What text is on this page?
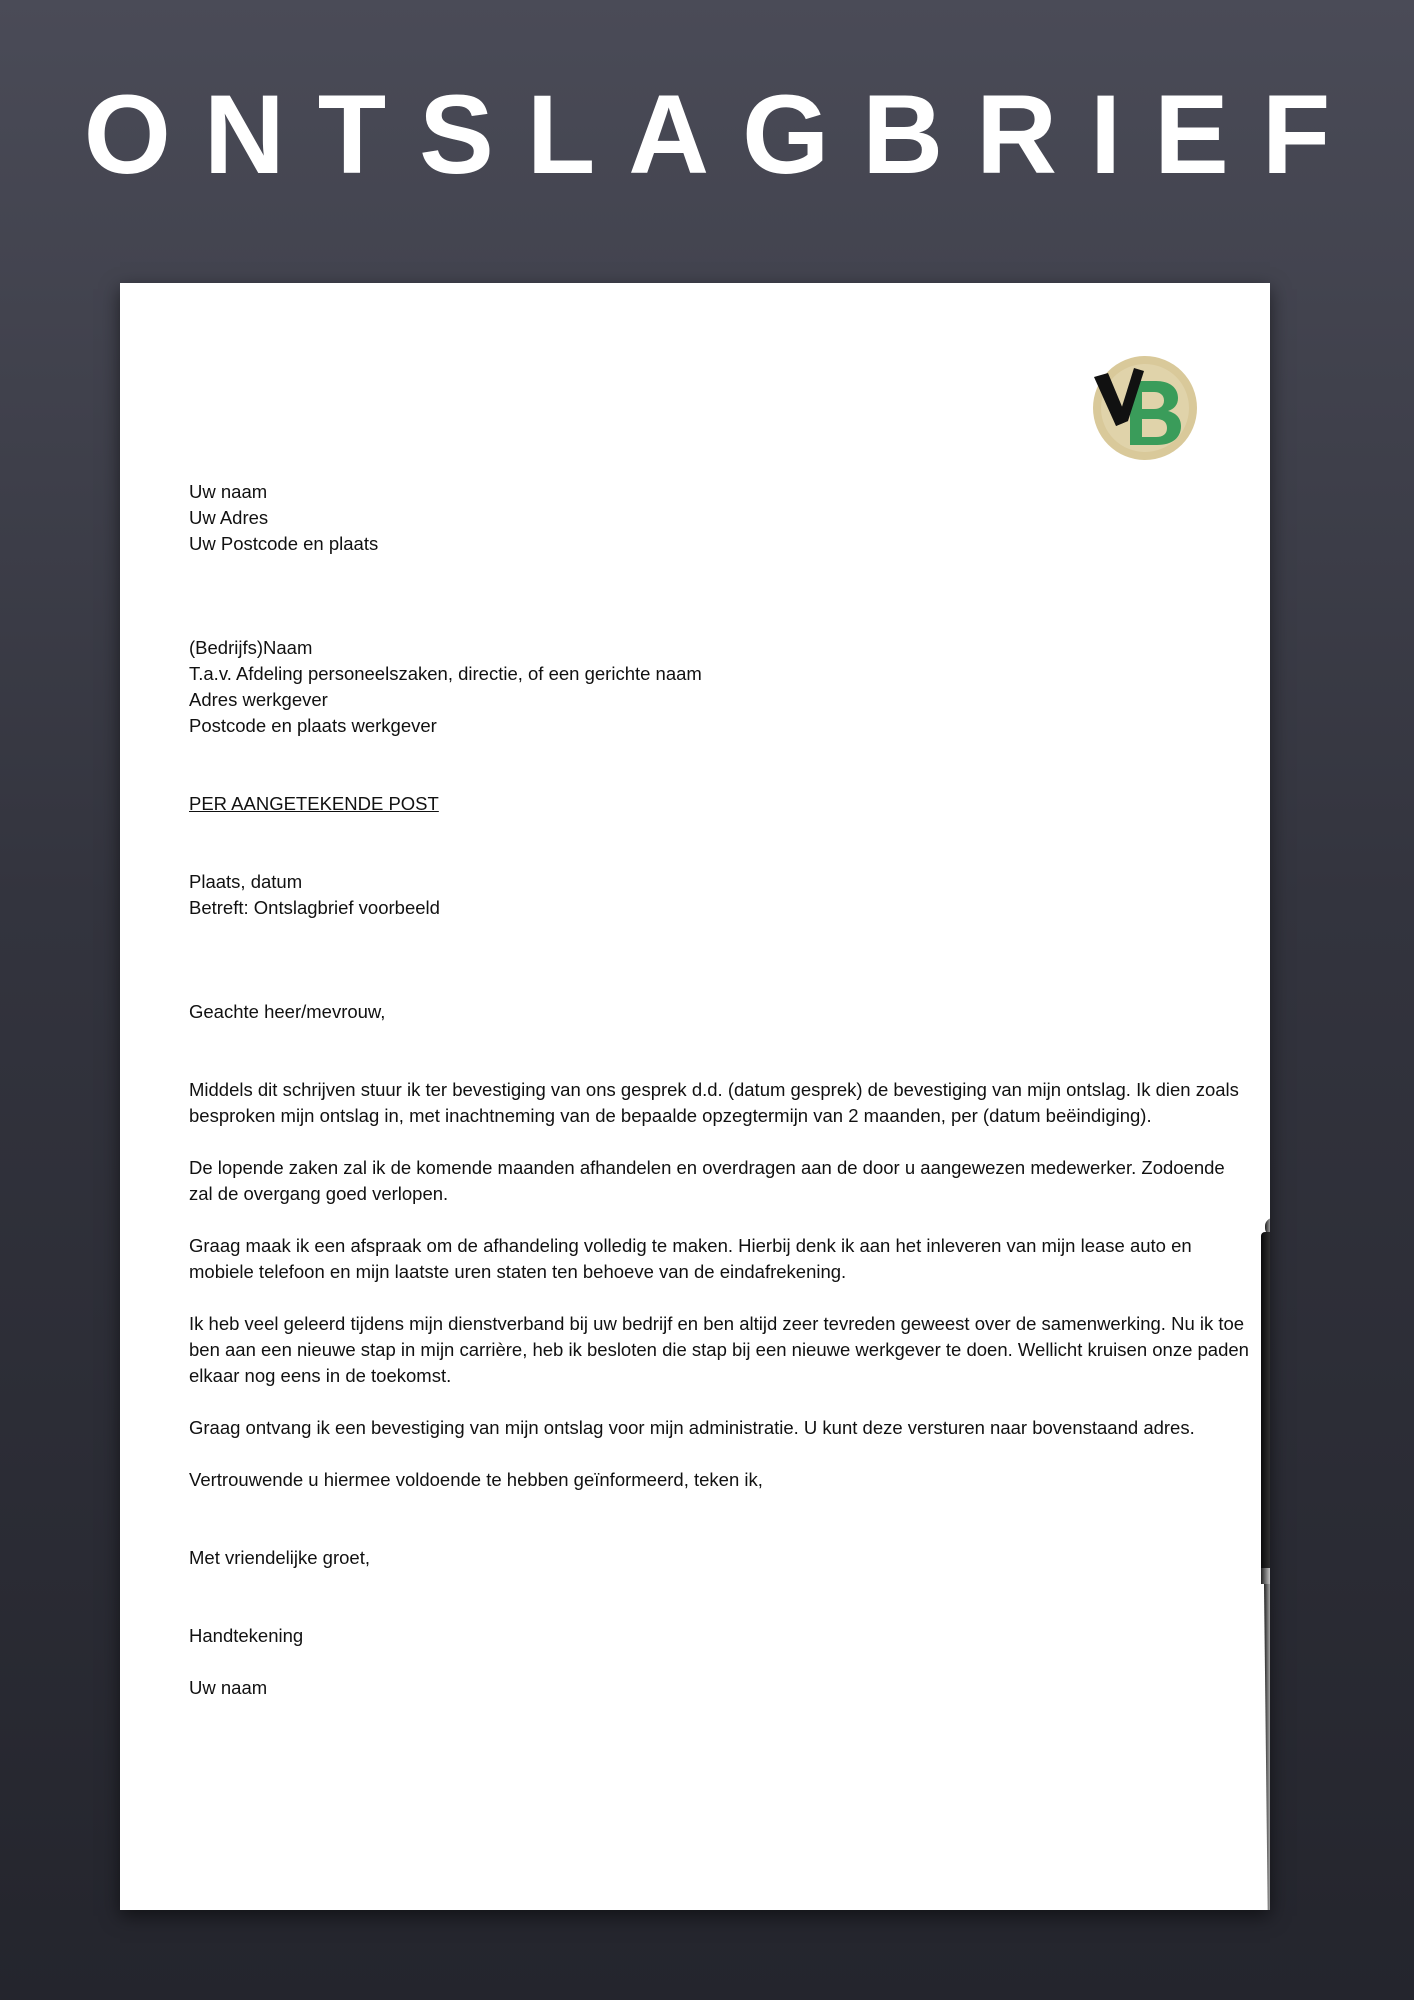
ONTSLAGBRIEF
Uw naam
Uw Adres
Uw Postcode en plaats
(Bedrijfs)Naam
T.a.v. Afdeling personeelszaken, directie, of een gerichte naam
Adres werkgever
Postcode en plaats werkgever
PER AANGETEKENDE POST
Plaats, datum
Betreft: Ontslagbrief voorbeeld
Geachte heer/mevrouw,
Middels dit schrijven stuur ik ter bevestiging van ons gesprek d.d. (datum gesprek) de bevestiging van mijn ontslag. Ik dien zoals besproken mijn ontslag in, met inachtneming van de bepaalde opzegtermijn van 2 maanden, per (datum beëindiging).
De lopende zaken zal ik de komende maanden afhandelen en overdragen aan de door u aangewezen medewerker. Zodoende zal de overgang goed verlopen.
Graag maak ik een afspraak om de afhandeling volledig te maken. Hierbij denk ik aan het inleveren van mijn lease auto en mobiele telefoon en mijn laatste uren staten ten behoeve van de eindafrekening.
Ik heb veel geleerd tijdens mijn dienstverband bij uw bedrijf en ben altijd zeer tevreden geweest over de samenwerking. Nu ik toe ben aan een nieuwe stap in mijn carrière, heb ik besloten die stap bij een nieuwe werkgever te doen. Wellicht kruisen onze paden elkaar nog eens in de toekomst.
Graag ontvang ik een bevestiging van mijn ontslag voor mijn administratie. U kunt deze versturen naar bovenstaand adres.
Vertrouwende u hiermee voldoende te hebben geïnformeerd, teken ik,
Met vriendelijke groet,
Handtekening
Uw naam
